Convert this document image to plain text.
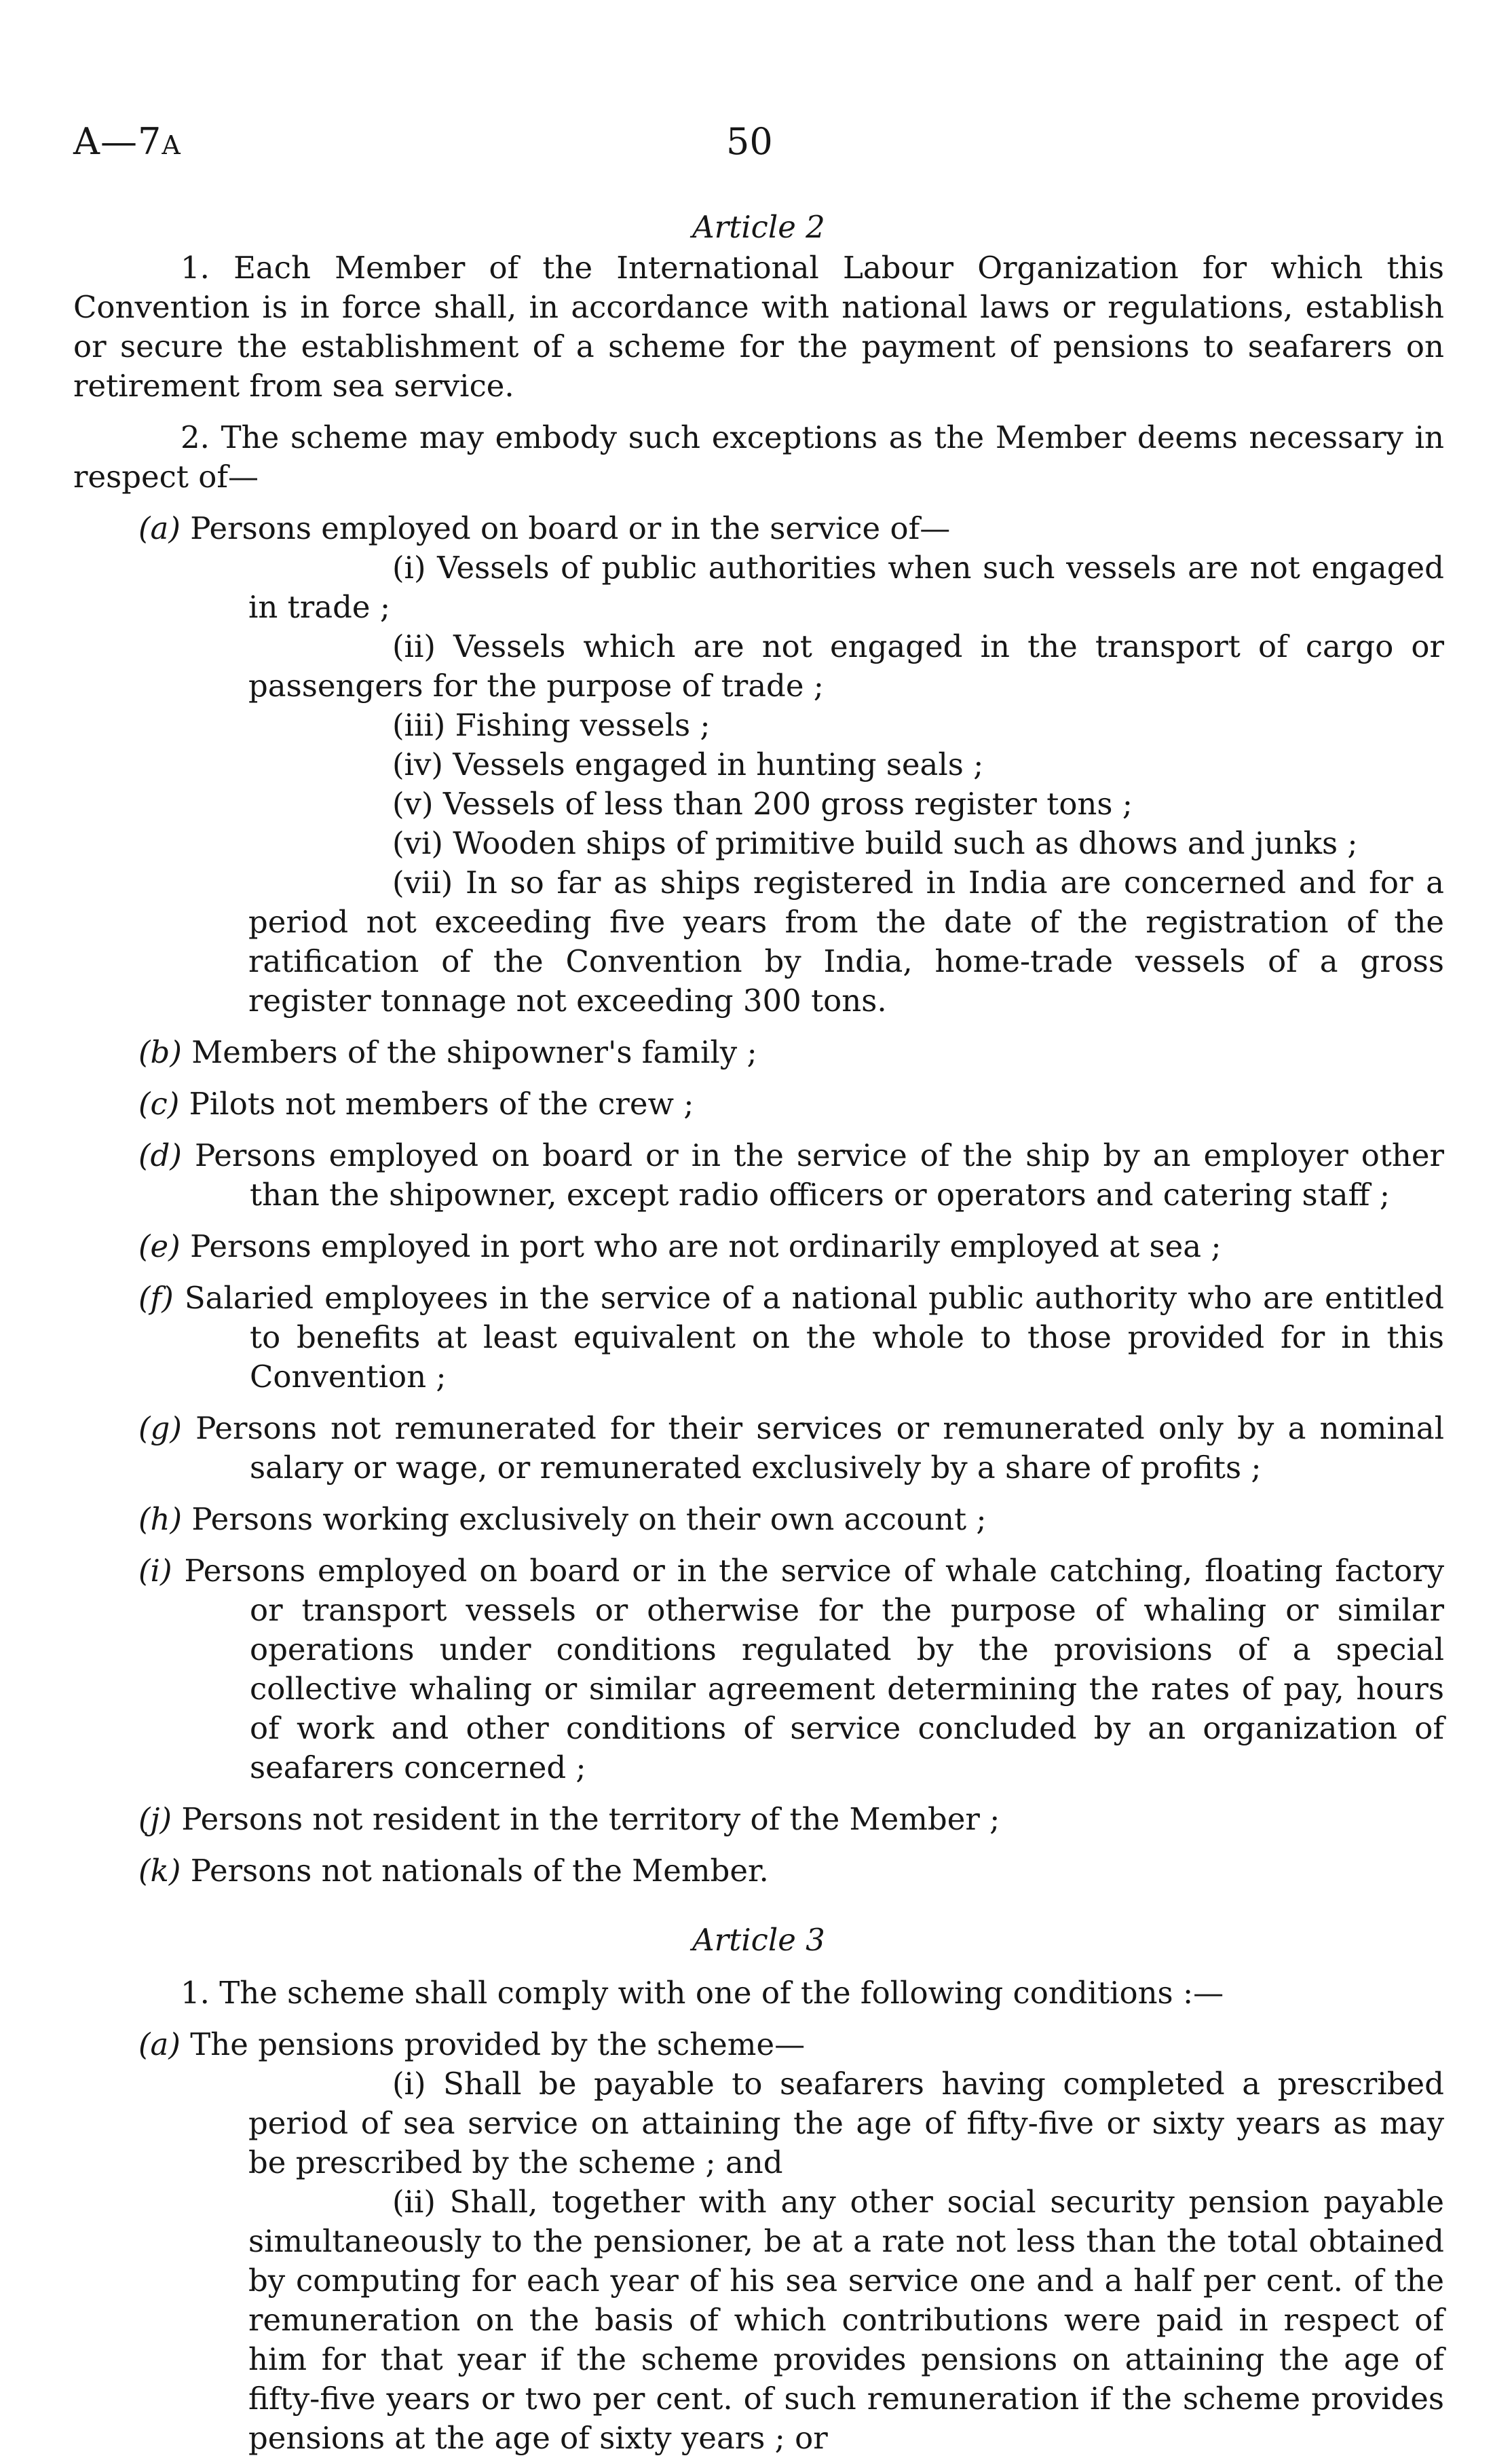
A—7A	50
Article 2

1. Each Member of the International Labour Organization for which this Convention is in force shall, in accordance with national laws or regulations, establish or secure the establishment of a scheme for the payment of pensions to seafarers on retirement from sea service.

2. The scheme may embody such exceptions as the Member deems necessary in respect of—

(a) Persons employed on board or in the service of—

(i) Vessels of public authorities when such vessels are not engaged in trade ;

(ii) Vessels which are not engaged in the transport of cargo or passengers for the purpose of trade ;

(iii) Fishing vessels ;

(iv) Vessels engaged in hunting seals ;

(v) Vessels of less than 200 gross register tons ;

(vi) Wooden ships of primitive build such as dhows and junks ;

(vii) In so far as ships registered in India are concerned and for a period not exceeding five years from the date of the registration of the ratification of the Convention by India, home-trade vessels of a gross register tonnage not exceeding 300 tons.

(b) Members of the shipowner's family ;

(c) Pilots not members of the crew ;

(d) Persons employed on board or in the service of the ship by an employer other than the shipowner, except radio officers or operators and catering staff ;

(e) Persons employed in port who are not ordinarily employed at sea ;

(f) Salaried employees in the service of a national public authority who are entitled to benefits at least equivalent on the whole to those provided for in this Convention ;

(g) Persons not remunerated for their services or remunerated only by a nominal salary or wage, or remunerated exclusively by a share of profits ;

(h) Persons working exclusively on their own account ;

(i) Persons employed on board or in the service of whale catching, floating factory or transport vessels or otherwise for the purpose of whaling or similar operations under conditions regulated by the provisions of a special collective whaling or similar agreement determining the rates of pay, hours of work and other conditions of service concluded by an organization of seafarers concerned ;

(j) Persons not resident in the territory of the Member ;

(k) Persons not nationals of the Member.

Article 3

1. The scheme shall comply with one of the following conditions :—

(a) The pensions provided by the scheme—

(i) Shall be payable to seafarers having completed a prescribed period of sea service on attaining the age of fifty-five or sixty years as may be prescribed by the scheme ; and

(ii) Shall, together with any other social security pension payable simultaneously to the pensioner, be at a rate not less than the total obtained by computing for each year of his sea service one and a half per cent. of the remuneration on the basis of which contributions were paid in respect of him for that year if the scheme provides pensions on attaining the age of fifty-five years or two per cent. of such remuneration if the scheme provides pensions at the age of sixty years ; or
